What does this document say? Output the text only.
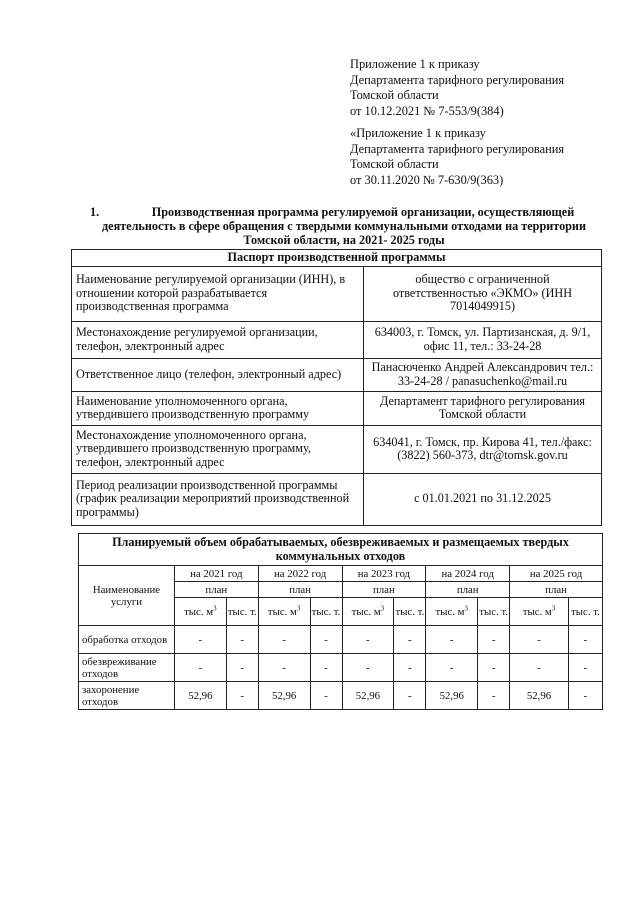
Приложение 1 к приказу
Департамента тарифного регулирования
Томской области
от 10.12.2021 № 7-553/9(384)
«Приложение 1 к приказу
Департамента тарифного регулирования
Томской области
от 30.11.2020 № 7-630/9(363)
1.	Производственная программа регулируемой организации, осуществляющей
деятельность в сфере обращения с твердыми коммунальными отходами на территории
Томской области, на 2021- 2025 годы
Паспорт производственной программы	
Наименование регулируемой организации (ИНН), в отношении которой разрабатывается производственная программа	общество с ограниченной ответственностью «ЭКМО» (ИНН 7014049915)
Местонахождение регулируемой организации, телефон, электронный адрес	634003, г. Томск, ул. Партизанская, д. 9/1, офис 11, тел.: 33-24-28
Ответственное лицо (телефон, электронный адрес)	Панасюченко Андрей Александрович тел.: 33-24-28 / panasuchenko@mail.ru
Наименование уполномоченного органа, утвердившего производственную программу	Департамент тарифного регулирования Томской области
Местонахождение уполномоченного органа, утвердившего производственную программу, телефон, электронный адрес	634041, г. Томск, пр. Кирова 41, тел./факс: (3822) 560-373, dtr@tomsk.gov.ru
Период реализации производственной программы (график реализации мероприятий производственной программы)	с 01.01.2021 по 31.12.2025
Планируемый объем обрабатываемых, обезвреживаемых и размещаемых твердых коммунальных отходов										
Наименование услуги	на 2021 год		на 2022 год		на 2023 год		на 2024 год		на 2025 год	
	план		план		план		план		план	
	тыс. $м^3$	тыс. т.	тыс. $м^3$	тыс. т.	тыс. $м^3$	тыс. т.	тыс. $м^3$	тыс. т.	тыс. $м^3$	тыс. т.
обработка отходов	-	-	-	-	-	-	-	-	-	-
обезвреживание отходов	-	-	-	-	-	-	-	-	-	-
захоронение отходов	52,96	-	52,96	-	52,96	-	52,96	-	52,96	-
